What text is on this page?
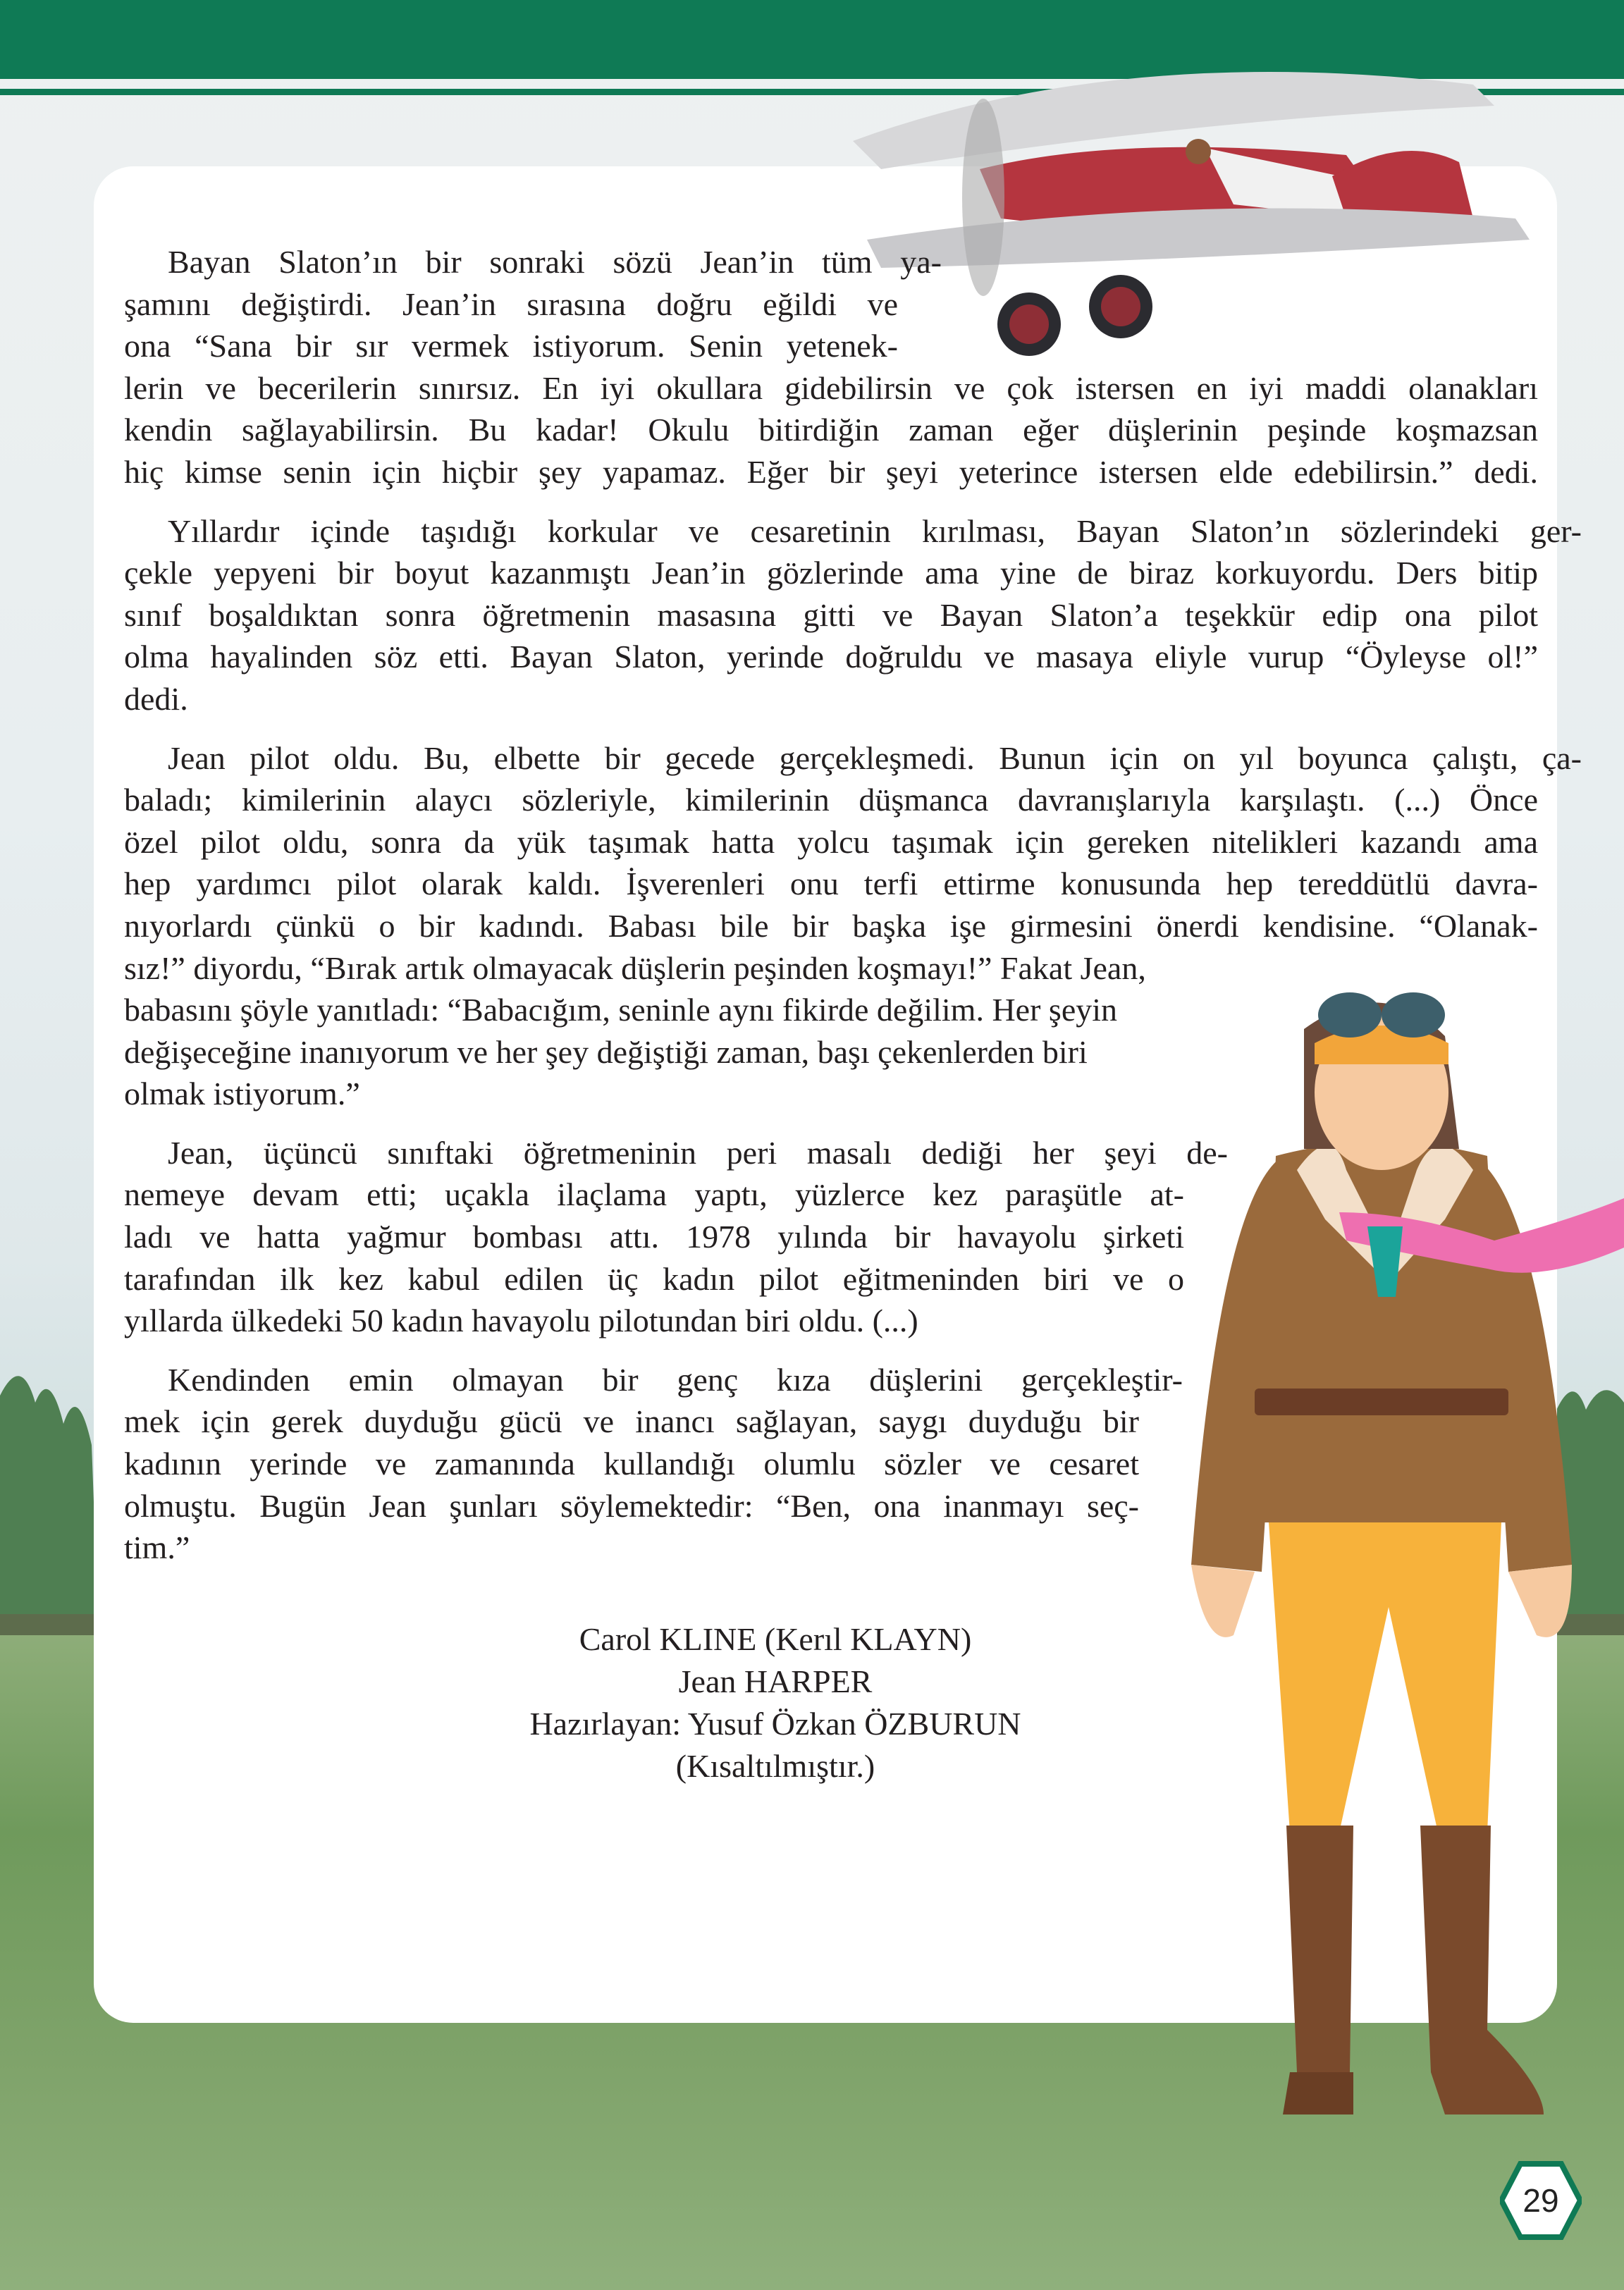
Bayan Slaton’ın bir sonraki sözü Jean’in tüm ya-
şamını değiştirdi. Jean’in sırasına doğru eğildi ve
ona “Sana bir sır vermek istiyorum. Senin yetenek-
lerin ve becerilerin sınırsız. En iyi okullara gidebilirsin ve çok istersen en iyi maddi olanakları
kendin sağlayabilirsin. Bu kadar! Okulu bitirdiğin zaman eğer düşlerinin peşinde koşmazsan
hiç kimse senin için hiçbir şey yapamaz. Eğer bir şeyi yeterince istersen elde edebilirsin.” dedi.
Yıllardır içinde taşıdığı korkular ve cesaretinin kırılması, Bayan Slaton’ın sözlerindeki ger-
çekle yepyeni bir boyut kazanmıştı Jean’in gözlerinde ama yine de biraz korkuyordu. Ders bitip
sınıf boşaldıktan sonra öğretmenin masasına gitti ve Bayan Slaton’a teşekkür edip ona pilot
olma hayalinden söz etti. Bayan Slaton, yerinde doğruldu ve masaya eliyle vurup “Öyleyse ol!”
dedi.
Jean pilot oldu. Bu, elbette bir gecede gerçekleşmedi. Bunun için on yıl boyunca çalıştı, ça-
baladı; kimilerinin alaycı sözleriyle, kimilerinin düşmanca davranışlarıyla karşılaştı. (...) Önce
özel pilot oldu, sonra da yük taşımak hatta yolcu taşımak için gereken nitelikleri kazandı ama
hep yardımcı pilot olarak kaldı. İşverenleri onu terfi ettirme konusunda hep tereddütlü davra-
nıyorlardı çünkü o bir kadındı. Babası bile bir başka işe girmesini önerdi kendisine. “Olanak-
sız!” diyordu, “Bırak artık olmayacak düşlerin peşinden koşmayı!” Fakat Jean,
babasını şöyle yanıtladı: “Babacığım, seninle aynı fikirde değilim. Her şeyin
değişeceğine inanıyorum ve her şey değiştiği zaman, başı çekenlerden biri
olmak istiyorum.”
Jean, üçüncü sınıftaki öğretmeninin peri masalı dediği her şeyi de-
nemeye devam etti; uçakla ilaçlama yaptı, yüzlerce kez paraşütle at-
ladı ve hatta yağmur bombası attı. 1978 yılında bir havayolu şirketi
tarafından ilk kez kabul edilen üç kadın pilot eğitmeninden biri ve o
yıllarda ülkedeki 50 kadın havayolu pilotundan biri oldu. (...)
Kendinden emin olmayan bir genç kıza düşlerini gerçekleştir-
mek için gerek duyduğu gücü ve inancı sağlayan, saygı duyduğu bir
kadının yerinde ve zamanında kullandığı olumlu sözler ve cesaret
olmuştu. Bugün Jean şunları söylemektedir: “Ben, ona inanmayı seç-
tim.”
Carol KLINE (Kerıl KLAYN)
Jean HARPER
Hazırlayan: Yusuf Özkan ÖZBURUN
(Kısaltılmıştır.)
29
